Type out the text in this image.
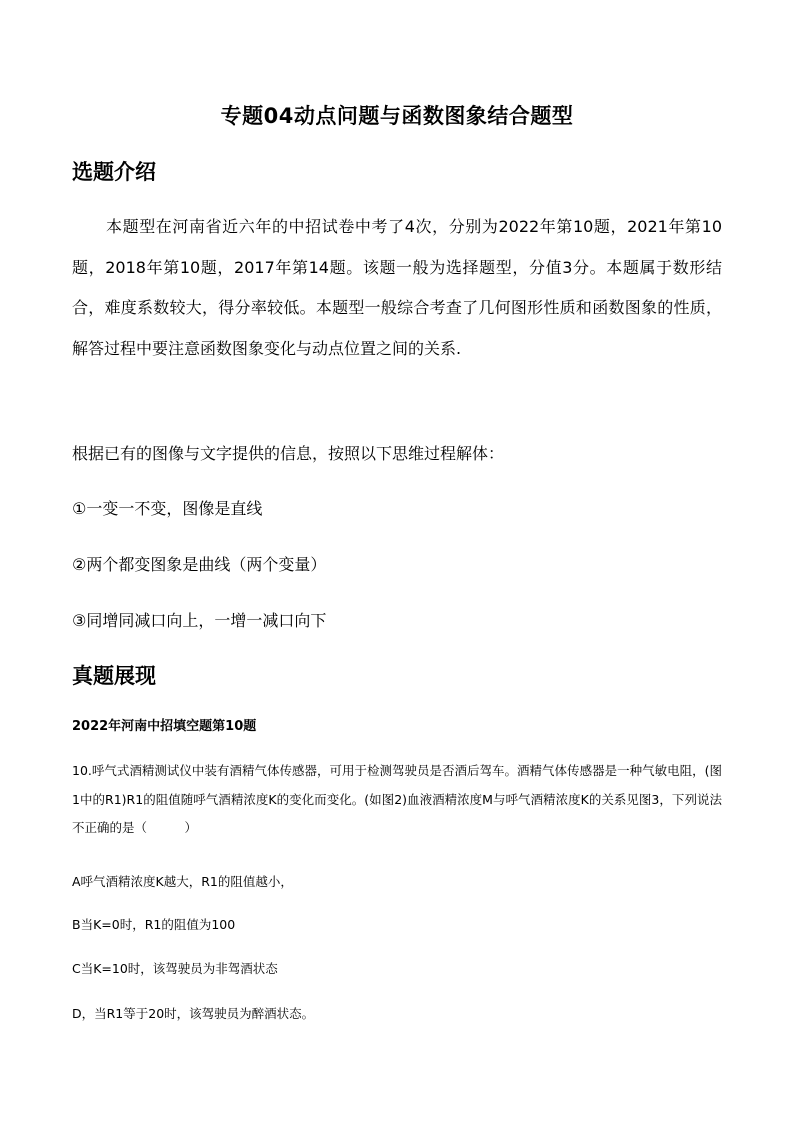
专题04动点问题与函数图象结合题型
选题介绍

本题型在河南省近六年的中招试卷中考了4次，分别为2022年第10题，2021年第10题，2018年第10题，2017年第14题。该题一般为选择题型，分值3分。本题属于数形结合，难度系数较大，得分率较低。本题型一般综合考查了几何图形性质和函数图象的性质，解答过程中要注意函数图象变化与动点位置之间的关系.

根据已有的图像与文字提供的信息，按照以下思维过程解体：
①一变一不变，图像是直线
②两个都变图象是曲线（两个变量）
③同增同减口向上，一增一减口向下
真题展现
2022年河南中招填空题第10题
10.呼气式酒精测试仪中装有酒精气体传感器，可用于检测驾驶员是否酒后驾车。酒精气体传感器是一种气敏电阻，(图1中的R1)R1的阻值随呼气酒精浓度K的变化而变化。(如图2)血液酒精浓度M与呼气酒精浓度K的关系见图3，下列说法不正确的是（　　　）
A呼气酒精浓度K越大，R1的阻值越小，
B当K=0时，R1的阻值为100
C当K=10时，该驾驶员为非驾酒状态
D，当R1等于20时，该驾驶员为醉酒状态。
